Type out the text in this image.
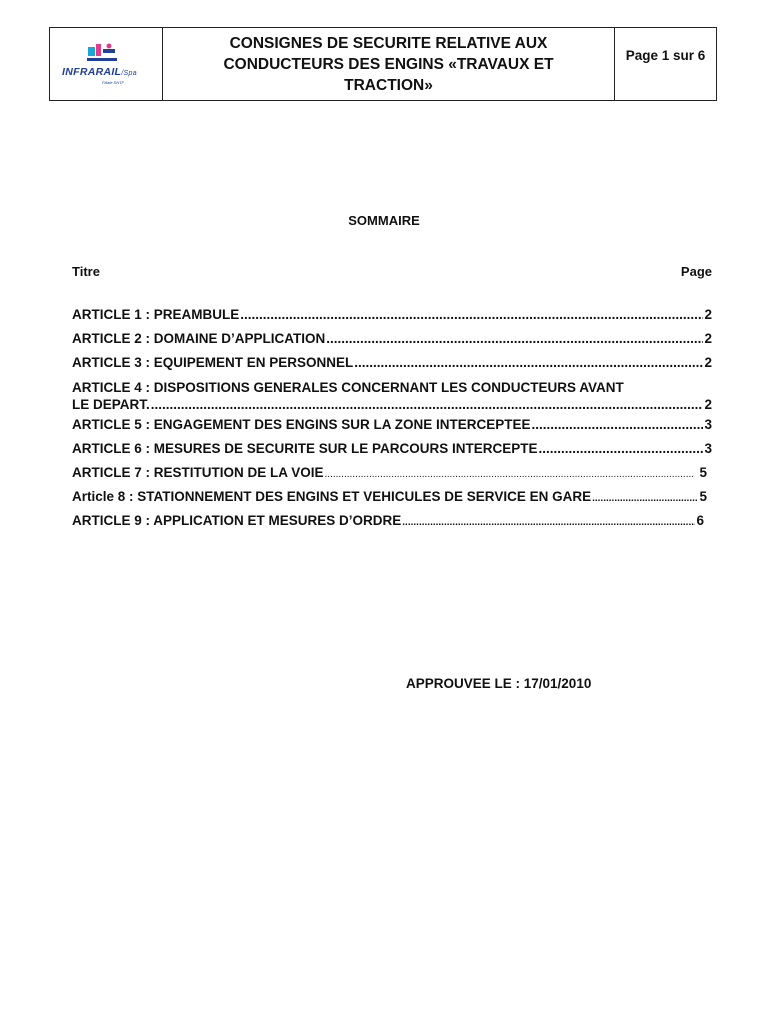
INFRARAIL/Spa
Filiale SNTF
CONSIGNES DE SECURITE RELATIVE AUX CONDUCTEURS DES ENGINS «TRAVAUX ET TRACTION»
Page 1 sur 6
SOMMAIRE
Titre	Page
ARTICLE 1 : PREAMBULE .....	2
ARTICLE 2 : DOMAINE D’APPLICATION .....	2
ARTICLE 3 : EQUIPEMENT EN PERSONNEL .....	2
ARTICLE 4 : DISPOSITIONS GENERALES CONCERNANT LES CONDUCTEURS AVANT
LE DEPART. .....	2
ARTICLE 5 : ENGAGEMENT DES ENGINS SUR LA ZONE INTERCEPTEE .....	3
ARTICLE 6 : MESURES DE SECURITE SUR LE PARCOURS INTERCEPTE .....	3
ARTICLE 7 : RESTITUTION DE LA VOIE .....	5
Article 8 : STATIONNEMENT DES ENGINS ET VEHICULES DE SERVICE EN GARE .....	5
ARTICLE 9 : APPLICATION ET MESURES D’ORDRE .....	6
APPROUVEE LE : 17/01/2010
